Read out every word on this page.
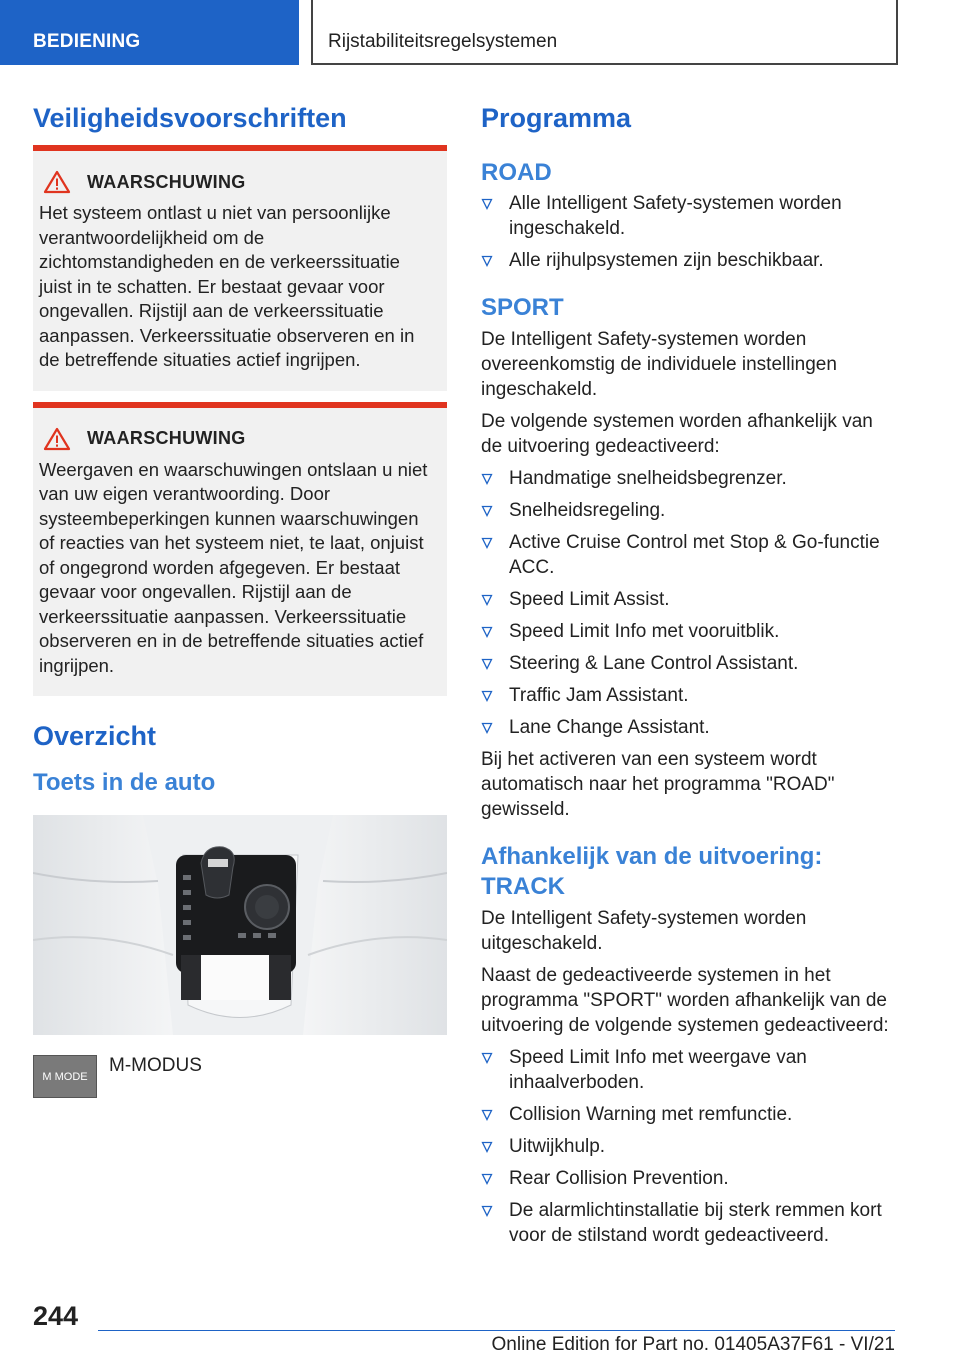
BEDIENING	Rijstabiliteitsregelsystemen
Veiligheidsvoorschriften
WAARSCHUWING

Het systeem ontlast u niet van persoonlijke verantwoordelijkheid om de zichtomstandigheden en de verkeerssituatie juist in te schatten. Er bestaat gevaar voor ongevallen. Rijstijl aan de verkeerssituatie aanpassen. Verkeerssituatie observeren en in de betreffende situaties actief ingrijpen.

WAARSCHUWING

Weergaven en waarschuwingen ontslaan u niet van uw eigen verantwoording. Door systeembeperkingen kunnen waarschuwingen of reacties van het systeem niet, te laat, onjuist of ongegrond worden afgegeven. Er bestaat gevaar voor ongevallen. Rijstijl aan de verkeerssituatie aanpassen. Verkeerssituatie observeren en in de betreffende situaties actief ingrijpen.

Overzicht
Toets in de auto
M MODE
M-MODUS
Programma
ROAD
Alle Intelligent Safety-systemen worden ingeschakeld.
Alle rijhulpsystemen zijn beschikbaar.
SPORT

De Intelligent Safety-systemen worden overeenkomstig de individuele instellingen ingeschakeld.

De volgende systemen worden afhankelijk van de uitvoering gedeactiveerd:

Handmatige snelheidsbegrenzer.
Snelheidsregeling.
Active Cruise Control met Stop & Go-functie ACC.
Speed Limit Assist.
Speed Limit Info met vooruitblik.
Steering & Lane Control Assistant.
Traffic Jam Assistant.
Lane Change Assistant.

Bij het activeren van een systeem wordt automatisch naar het programma "ROAD" gewisseld.

Afhankelijk van de uitvoering:
TRACK

De Intelligent Safety-systemen worden uitgeschakeld.

Naast de gedeactiveerde systemen in het programma "SPORT" worden afhankelijk van de uitvoering de volgende systemen gedeactiveerd:

Speed Limit Info met weergave van inhaalverboden.
Collision Warning met remfunctie.
Uitwijkhulp.
Rear Collision Prevention.
De alarmlichtinstallatie bij sterk remmen kort voor de stilstand wordt gedeactiveerd.
244
Online Edition for Part no. 01405A37F61 - VI/21
